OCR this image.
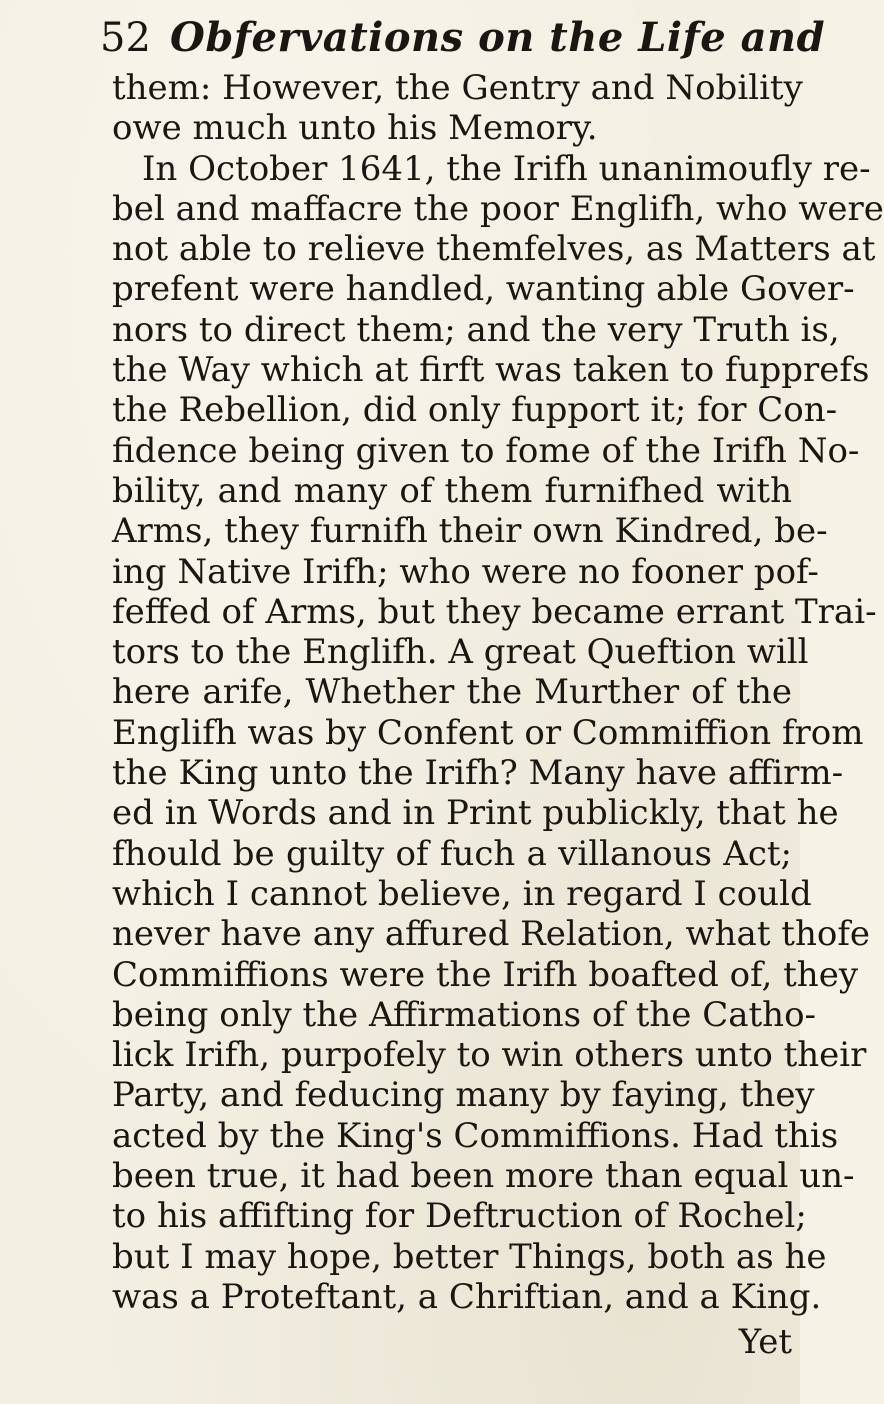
52 Obfervations on the Life and
them: However, the Gentry and Nobility
owe much unto his Memory.
In October 1641, the Irifh unanimoufly re-
bel and maffacre the poor Englifh, who were
not able to relieve themfelves, as Matters at
prefent were handled, wanting able Gover-
nors to direct them; and the very Truth is,
the Way which at firft was taken to fupprefs
the Rebellion, did only fupport it; for Con-
fidence being given to fome of the Irifh No-
bility, and many of them furnifhed with
Arms, they furnifh their own Kindred, be-
ing Native Irifh; who were no fooner pof-
feffed of Arms, but they became errant Trai-
tors to the Englifh. A great Queftion will
here arife, Whether the Murther of the
Englifh was by Confent or Commiffion from
the King unto the Irifh? Many have affirm-
ed in Words and in Print publickly, that he
fhould be guilty of fuch a villanous Act;
which I cannot believe, in regard I could
never have any affured Relation, what thofe
Commiffions were the Irifh boafted of, they
being only the Affirmations of the Catho-
lick Irifh, purpofely to win others unto their
Party, and feducing many by faying, they
acted by the King's Commiffions. Had this
been true, it had been more than equal un-
to his affifting for Deftruction of Rochel;
but I may hope, better Things, both as he
was a Proteftant, a Chriftian, and a King.
Yet
